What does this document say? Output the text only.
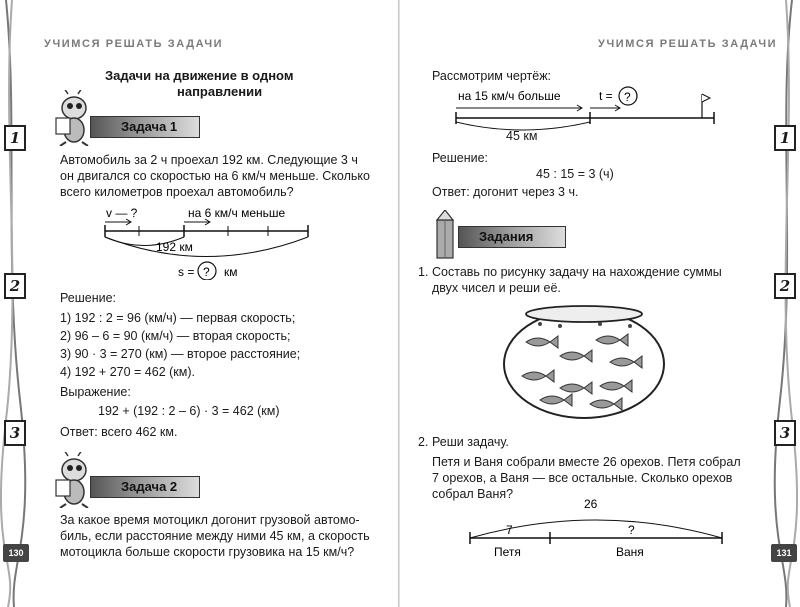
1
2
3
130
УЧИМСЯ РЕШАТЬ ЗАДАЧИ
Задачи на движение в одном
направлении
Задача 1
Автомобиль за 2 ч проехал 192 км. Следующие 3 ч
он двигался со скоростью на 6 км/ч меньше. Сколько
всего километров проехал автомобиль?
v — ?	на 6 км/ч меньше
192 км
s = ? км
Решение:
1) 192 : 2 = 96 (км/ч) — первая скорость;
2) 96 – 6 = 90 (км/ч) — вторая скорость;
3) 90 · 3 = 270 (км) — второе расстояние;
4) 192 + 270 = 462 (км).
Выражение:
192 + (192 : 2 – 6) · 3 = 462 (км)
Ответ: всего 462 км.
Задача 2
За какое время мотоцикл догонит грузовой автомо-
биль, если расстояние между ними 45 км, а скорость
мотоцикла больше скорости грузовика на 15 км/ч?
УЧИМСЯ РЕШАТЬ ЗАДАЧИ
Рассмотрим чертёж:
на 15 км/ч больше	t = ?
45 км
Решение:
45 : 15 = 3 (ч)
Ответ: догонит через 3 ч.
Задания
1. Составь по рисунку задачу на нахождение суммы
двух чисел и реши её.
2. Реши задачу.
Петя и Ваня собрали вместе 26 орехов. Петя собрал
7 орехов, а Ваня — все остальные. Сколько орехов
собрал Ваня?
26
7	?
Петя	Ваня
1
2
3
131
